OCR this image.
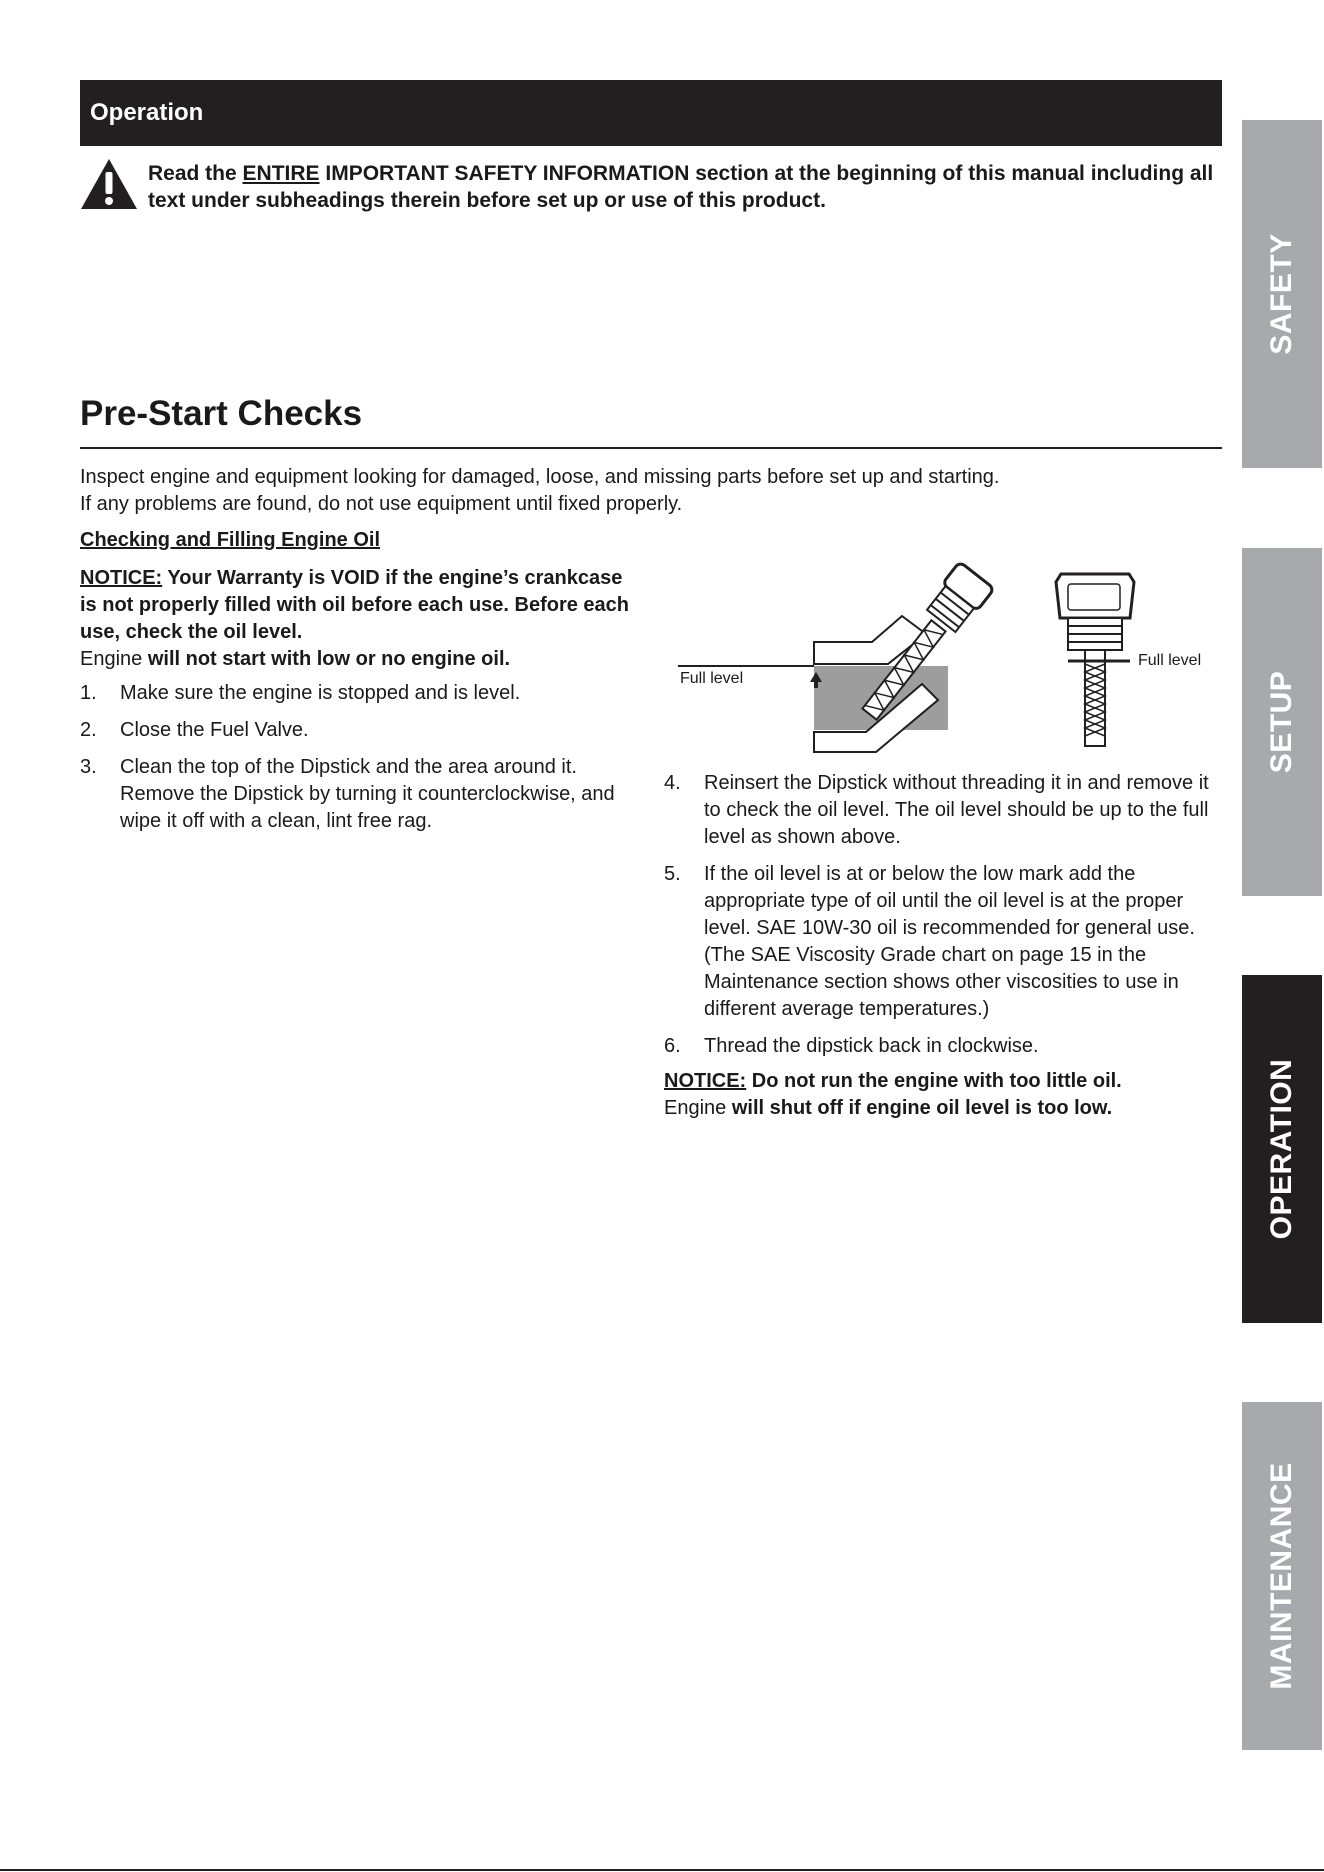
Operation
Read the ENTIRE IMPORTANT SAFETY INFORMATION section at the beginning of this manual including all text under subheadings therein before set up or use of this product.
Pre-Start Checks

Inspect engine and equipment looking for damaged, loose, and missing parts before set up and starting.
If any problems are found, do not use equipment until fixed properly.

Checking and Filling Engine Oil

NOTICE: Your Warranty is VOID if the engine’s crankcase is not properly filled with oil before each use. Before each use, check the oil level.
Engine will not start with low or no engine oil.

1. Make sure the engine is stopped and is level.
2. Close the Fuel Valve.
3. Clean the top of the Dipstick and the area around it. Remove the Dipstick by turning it counterclockwise, and wipe it off with a clean, lint free rag.
Full level
Full level
4. Reinsert the Dipstick without threading it in and remove it to check the oil level. The oil level should be up to the full level as shown above.
5. If the oil level is at or below the low mark add the appropriate type of oil until the oil level is at the proper level. SAE 10W-30 oil is recommended for general use. (The SAE Viscosity Grade chart on page 15 in the Maintenance section shows other viscosities to use in different average temperatures.)
6. Thread the dipstick back in clockwise.

NOTICE: Do not run the engine with too little oil.
Engine will shut off if engine oil level is too low.

SAFETY
SETUP
OPERATION
MAINTENANCE
